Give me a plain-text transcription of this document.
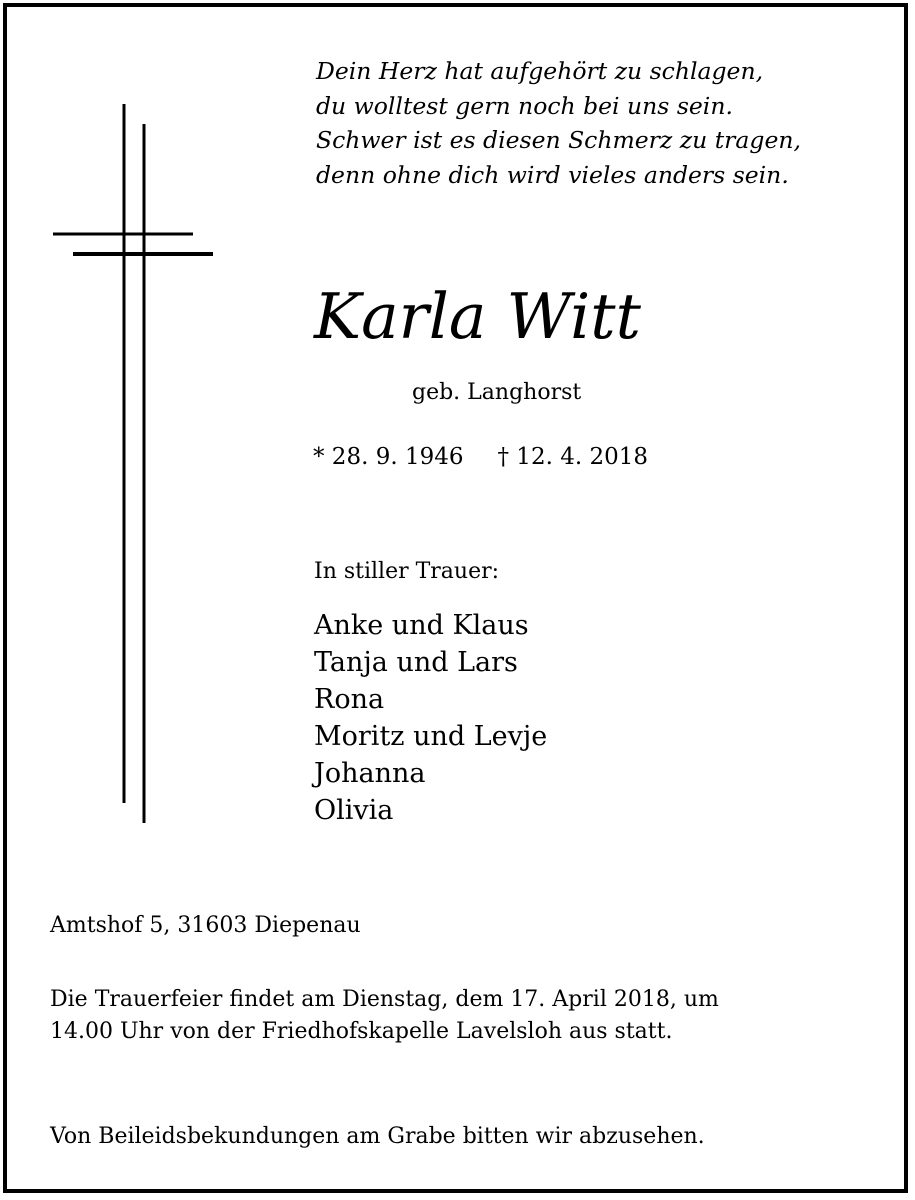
Dein Herz hat aufgehört zu schlagen,
du wolltest gern noch bei uns sein.
Schwer ist es diesen Schmerz zu tragen,
denn ohne dich wird vieles anders sein.
Karla Witt
geb. Langhorst
* 28. 9. 1946 † 12. 4. 2018
In stiller Trauer:
Anke und Klaus
Tanja und Lars
Rona
Moritz und Levje
Johanna
Olivia
Amtshof 5, 31603 Diepenau
Die Trauerfeier findet am Dienstag, dem 17. April 2018, um
14.00 Uhr von der Friedhofskapelle Lavelsloh aus statt.
Von Beileidsbekundungen am Grabe bitten wir abzusehen.
